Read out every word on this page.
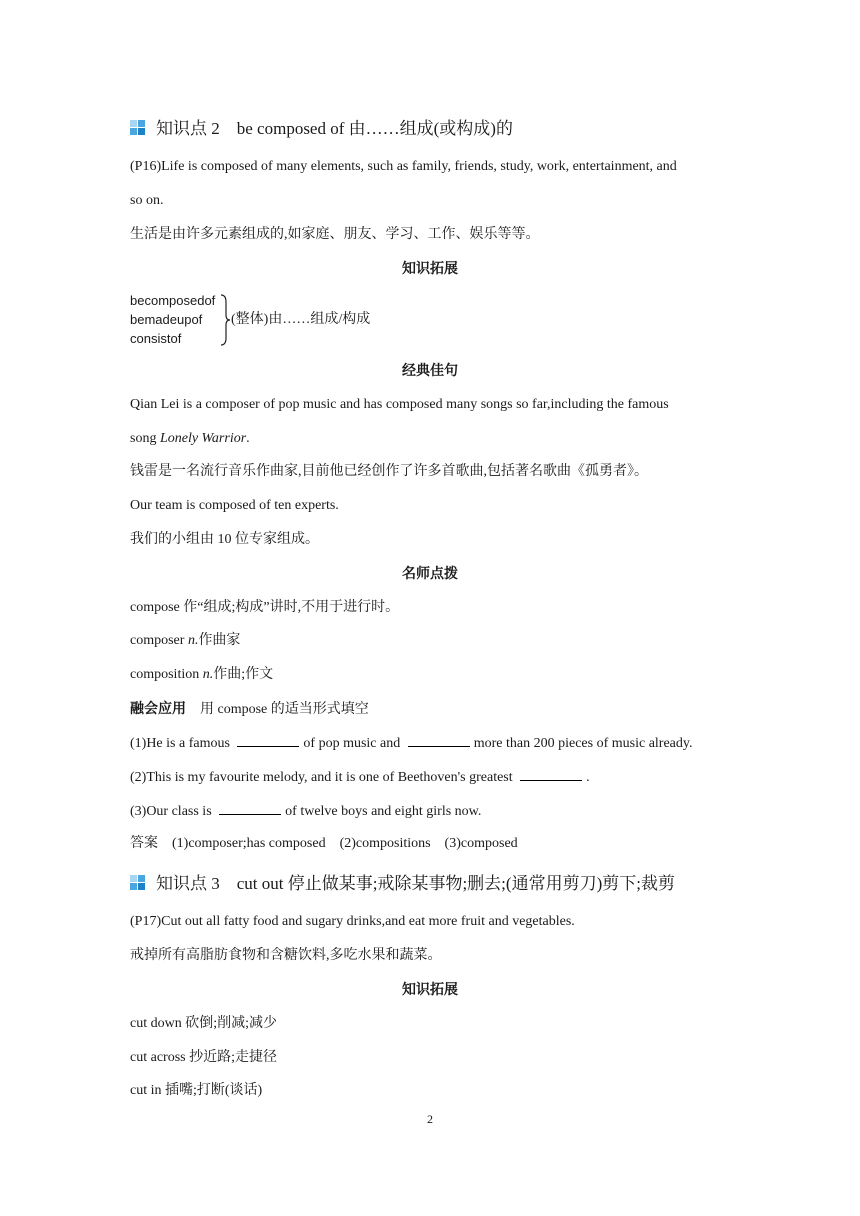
知识点 2　be composed of 由……组成(或构成)的
(P16)Life is composed of many elements, such as family, friends, study, work, entertainment, and
so on.
生活是由许多元素组成的,如家庭、朋友、学习、工作、娱乐等等。
知识拓展
becomposedof
bemadeupof
consistof
(整体)由……组成/构成
经典佳句
Qian Lei is a composer of pop music and has composed many songs so far,including the famous
song Lonely Warrior.
钱雷是一名流行音乐作曲家,目前他已经创作了许多首歌曲,包括著名歌曲《孤勇者》。
Our team is composed of ten experts.
我们的小组由 10 位专家组成。
名师点拨
compose 作“组成;构成”讲时,不用于进行时。
composer n.作曲家
composition n.作曲;作文
融会应用　 用 compose 的适当形式填空
(1)He is a famous	of pop music and	more than 200 pieces of music already.
(2)This is my favourite melody, and it is one of Beethoven's greatest	.
(3)Our class is	of twelve boys and eight girls now.
答案　(1)composer;has composed　(2)compositions　(3)composed
知识点 3　cut out 停止做某事;戒除某事物;删去;(通常用剪刀)剪下;裁剪
(P17)Cut out all fatty food and sugary drinks,and eat more fruit and vegetables.
戒掉所有高脂肪食物和含糖饮料,多吃水果和蔬菜。
知识拓展
cut down 砍倒;削减;减少
cut across 抄近路;走捷径
cut in 插嘴;打断(谈话)
2
